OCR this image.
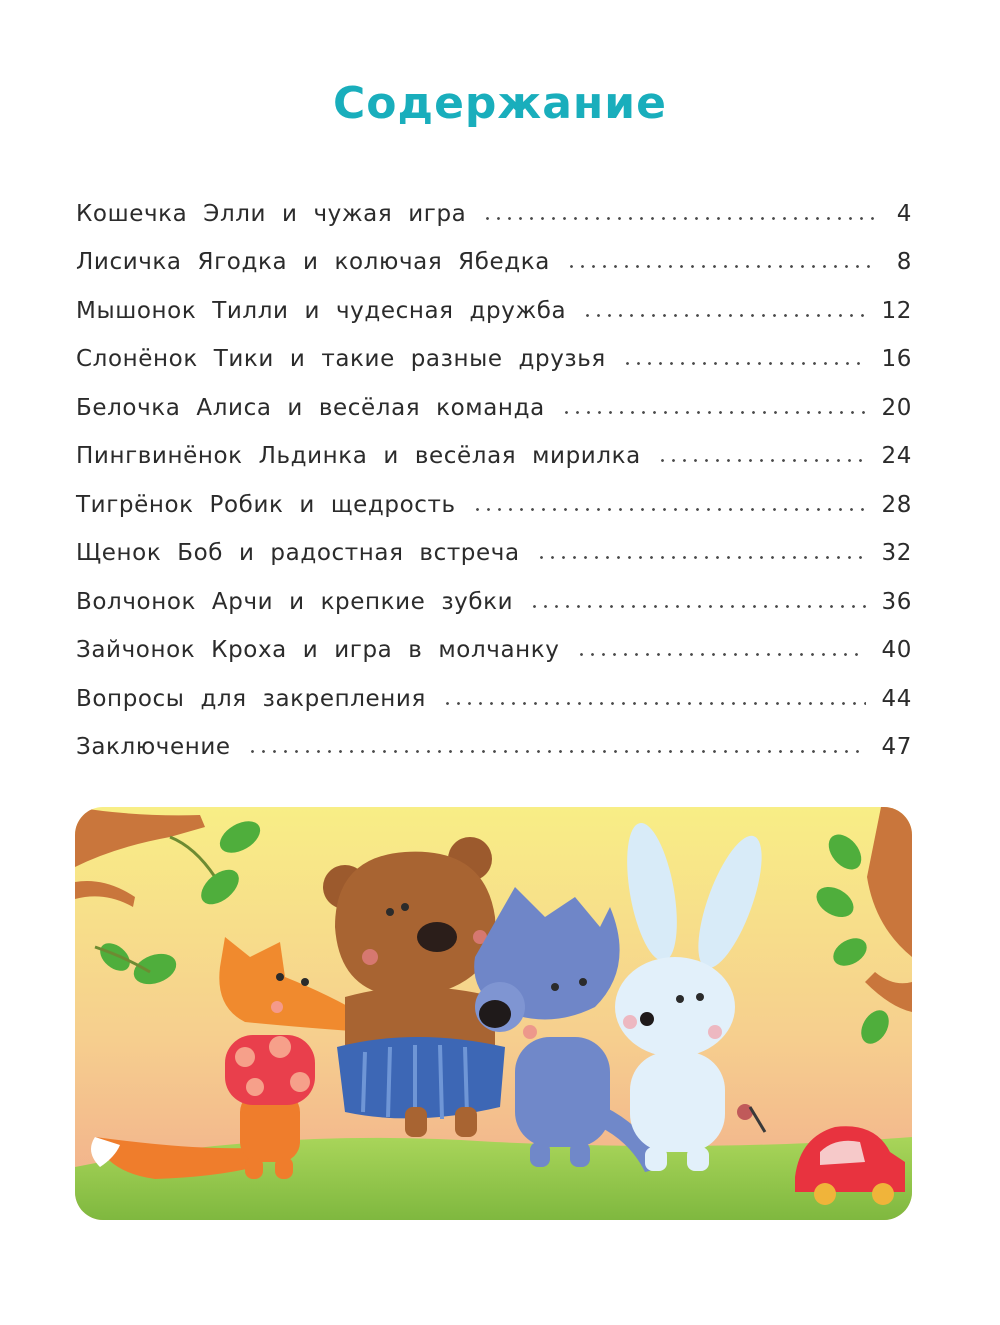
Содержание
Кошечка Элли и чужая игра	4
Лисичка Ягодка и колючая Ябедка	8
Мышонок Тилли и чудесная дружба	12
Слонёнок Тики и такие разные друзья	16
Белочка Алиса и весёлая команда	20
Пингвинёнок Льдинка и весёлая мирилка	24
Тигрёнок Робик и щедрость	28
Щенок Боб и радостная встреча	32
Волчонок Арчи и крепкие зубки	36
Зайчонок Кроха и игра в молчанку	40
Вопросы для закрепления	44
Заключение	47
